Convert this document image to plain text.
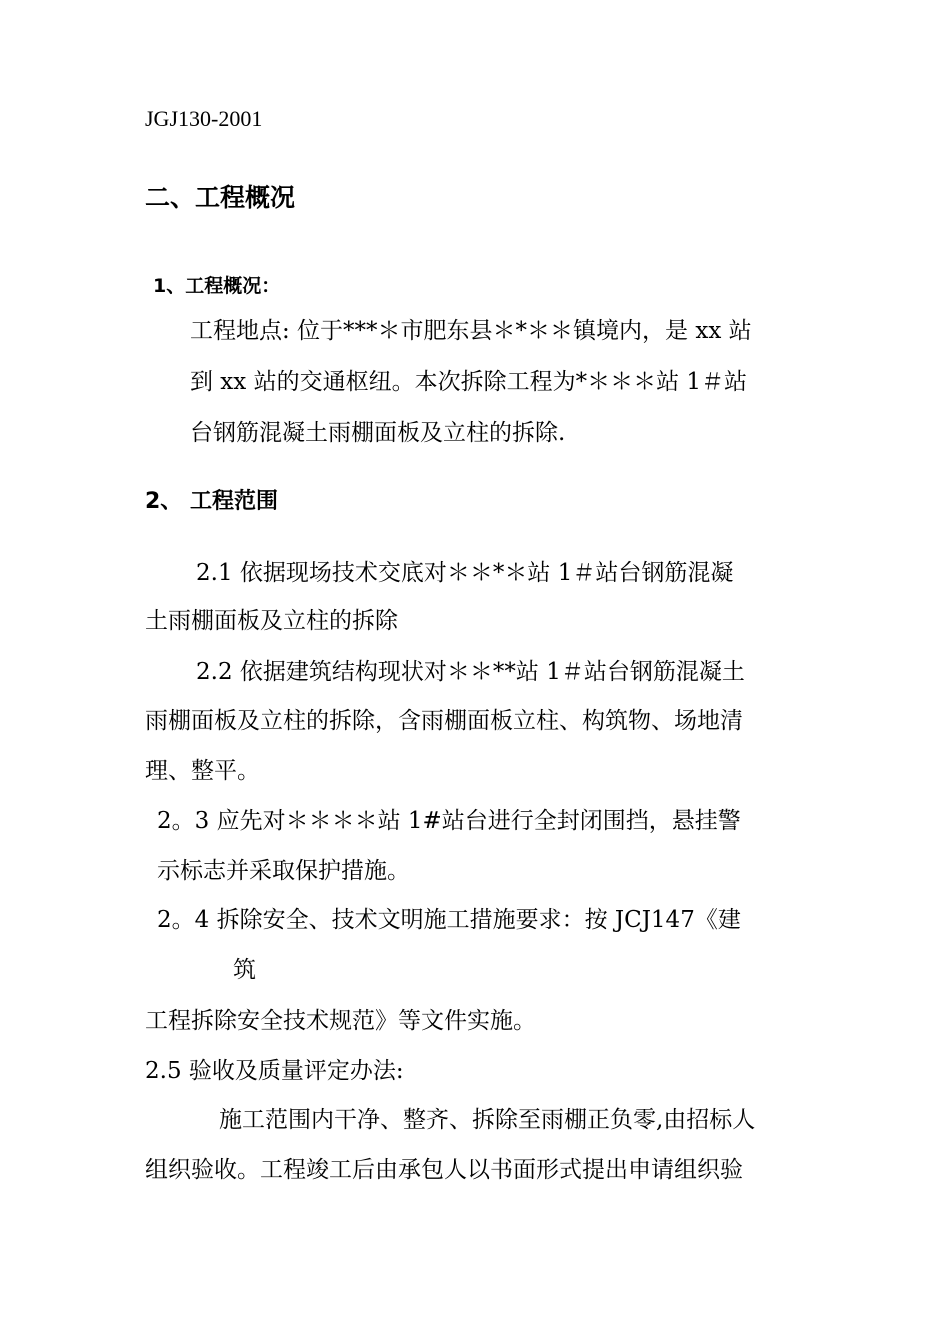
JGJ130-2001
二、工程概况
1、工程概况：
工程地点: 位于***＊市肥东县＊*＊＊镇境内，是 xx 站
到 xx 站的交通枢纽。本次拆除工程为*＊＊＊站 1＃站
台钢筋混凝土雨棚面板及立柱的拆除.
2、 工程范围
2.1 依据现场技术交底对＊＊*＊站 1＃站台钢筋混凝
土雨棚面板及立柱的拆除
2.2 依据建筑结构现状对＊＊**站 1＃站台钢筋混凝土
雨棚面板及立柱的拆除，含雨棚面板立柱、构筑物、场地清
理、整平。
2。3 应先对＊＊＊＊站 1#站台进行全封闭围挡，悬挂警
示标志并采取保护措施。
2。4 拆除安全、技术文明施工措施要求：按 JCJ147《建
筑
工程拆除安全技术规范》等文件实施。
2.5 验收及质量评定办法:
施工范围内干净、整齐、拆除至雨棚正负零,由招标人
组织验收。工程竣工后由承包人以书面形式提出申请组织验
